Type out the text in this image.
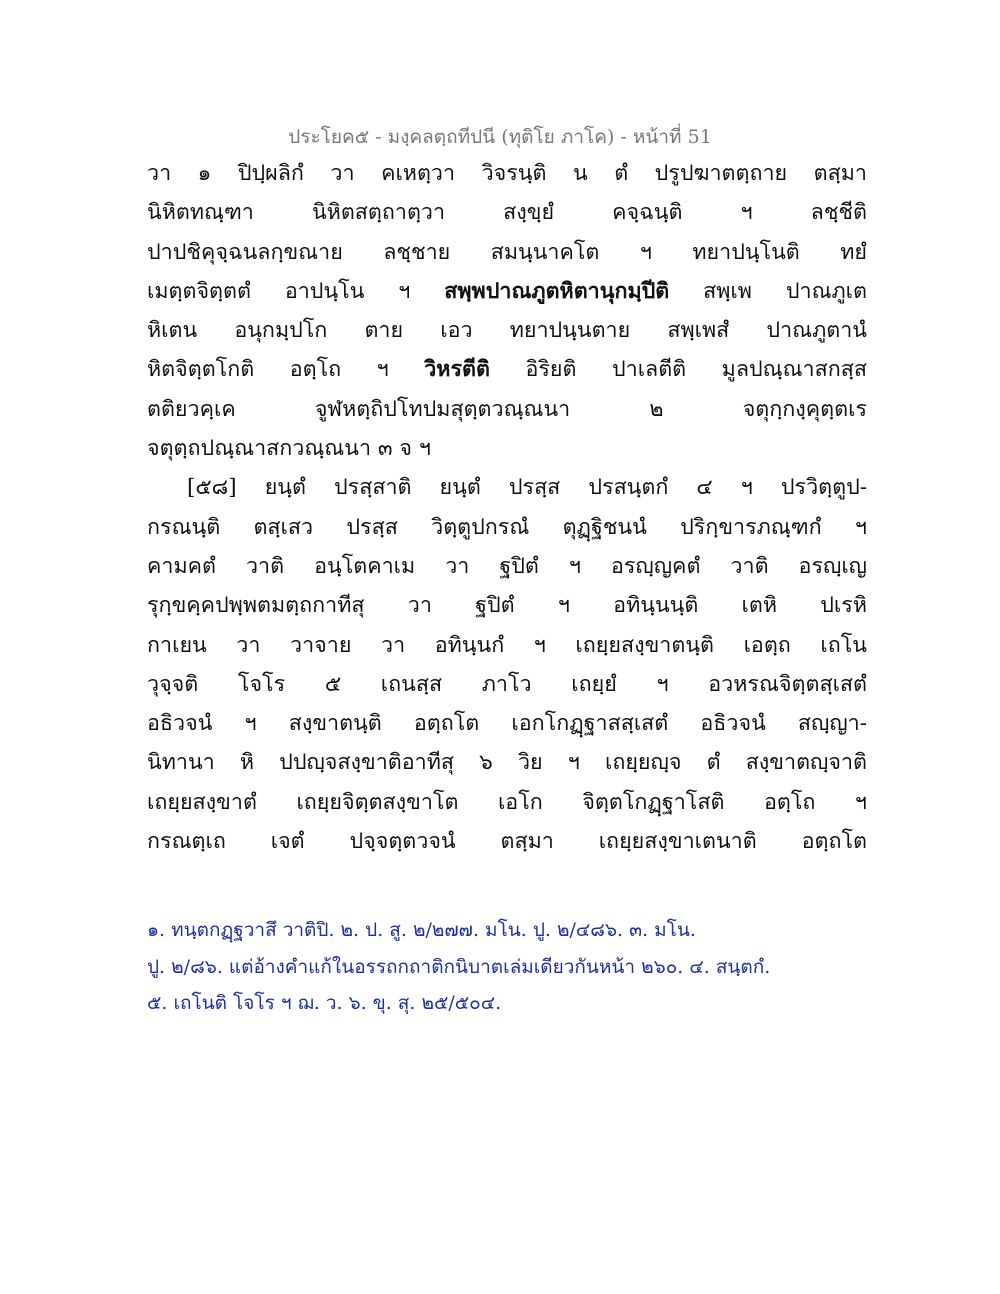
ประโยค๕ - มงฺคลตฺถทีปนี (ทุติโย ภาโค) - หน้าที่ 51
วา ๑ ปิปฺผลิกํ วา คเหตฺวา วิจรนฺติ น ตํ ปรูปฆาตตฺถาย ตสฺมา
นิหิตทณฺฑา นิหิตสตฺถาตฺวา สงฺขฺยํ คจฺฉนฺติ ฯ ลชฺชีติ
ปาปชิคุจฺฉนลกฺขณาย ลชฺชาย สมนฺนาคโต ฯ ทยาปนฺโนติ ทยํ
เมตฺตจิตฺตตํ อาปนฺโน ฯ สพฺพปาณภูตหิตานุกมฺปีติ สพฺเพ ปาณภูเต
หิเตน อนุกมฺปโก ตาย เอว ทยาปนฺนตาย สพฺเพสํ ปาณภูตานํ
หิตจิตฺตโกติ อตฺโถ ฯ วิหรตีติ อิริยติ ปาเลตีติ มูลปณฺณาสกสฺส
ตติยวคฺเค จูฬหตฺถิปโทปมสุตฺตวณฺณนา ๒ จตุกฺกงฺคุตฺตเร
จตุตฺถปณฺณาสกวณฺณนา ๓ จ ฯ
[๕๘] ยนฺตํ ปรสฺสาติ ยนฺตํ ปรสฺส ปรสนฺตกํ ๔ ฯ ปรวิตฺตูป-
กรณนฺติ ตสฺเสว ปรสฺส วิตฺตูปกรณํ ตุฏฺฐิชนนํ ปริกฺขารภณฺฑกํ ฯ
คามคตํ วาติ อนฺโตคาเม วา ฐปิตํ ฯ อรญฺญคตํ วาติ อรญฺเญ
รุกฺขคฺคปพฺพตมตฺถกาทีสุ วา ฐปิตํ ฯ อทินฺนนฺติ เตหิ ปเรหิ
กาเยน วา วาจาย วา อทินฺนกํ ฯ เถยฺยสงฺขาตนฺติ เอตฺถ เถโน
วุจฺจติ โจโร ๕ เถนสฺส ภาโว เถยฺยํ ฯ อวหรณจิตฺตสฺเสตํ
อธิวจนํ ฯ สงฺขาตนฺติ อตฺถโต เอกโกฏฺฐาสสฺเสตํ อธิวจนํ สญฺญา-
นิทานา หิ ปปญฺจสงฺขาติอาทีสุ ๖ วิย ฯ เถยฺยญฺจ ตํ สงฺขาตญฺจาติ
เถยฺยสงฺขาตํ เถยฺยจิตฺตสงฺขาโต เอโก จิตฺตโกฏฺฐาโสติ อตฺโถ ฯ
กรณตฺเถ เจตํ ปจฺจตฺตวจนํ ตสฺมา เถยฺยสงฺขาเตนาติ อตฺถโต
๑. ทนฺตกฏฺฐวาสึ วาติปิ. ๒. ป. สู. ๒/๒๗๗. มโน. ปู. ๒/๔๘๖. ๓. มโน.
ปู. ๒/๘๖. แต่อ้างคำแก้ในอรรถกถาติกนิบาตเล่มเดียวกันหน้า ๒๖๐. ๔. สนฺตกํ.
๕. เถโนติ โจโร ฯ ฌ. ว. ๖. ขุ. สุ. ๒๕/๕๐๔.
